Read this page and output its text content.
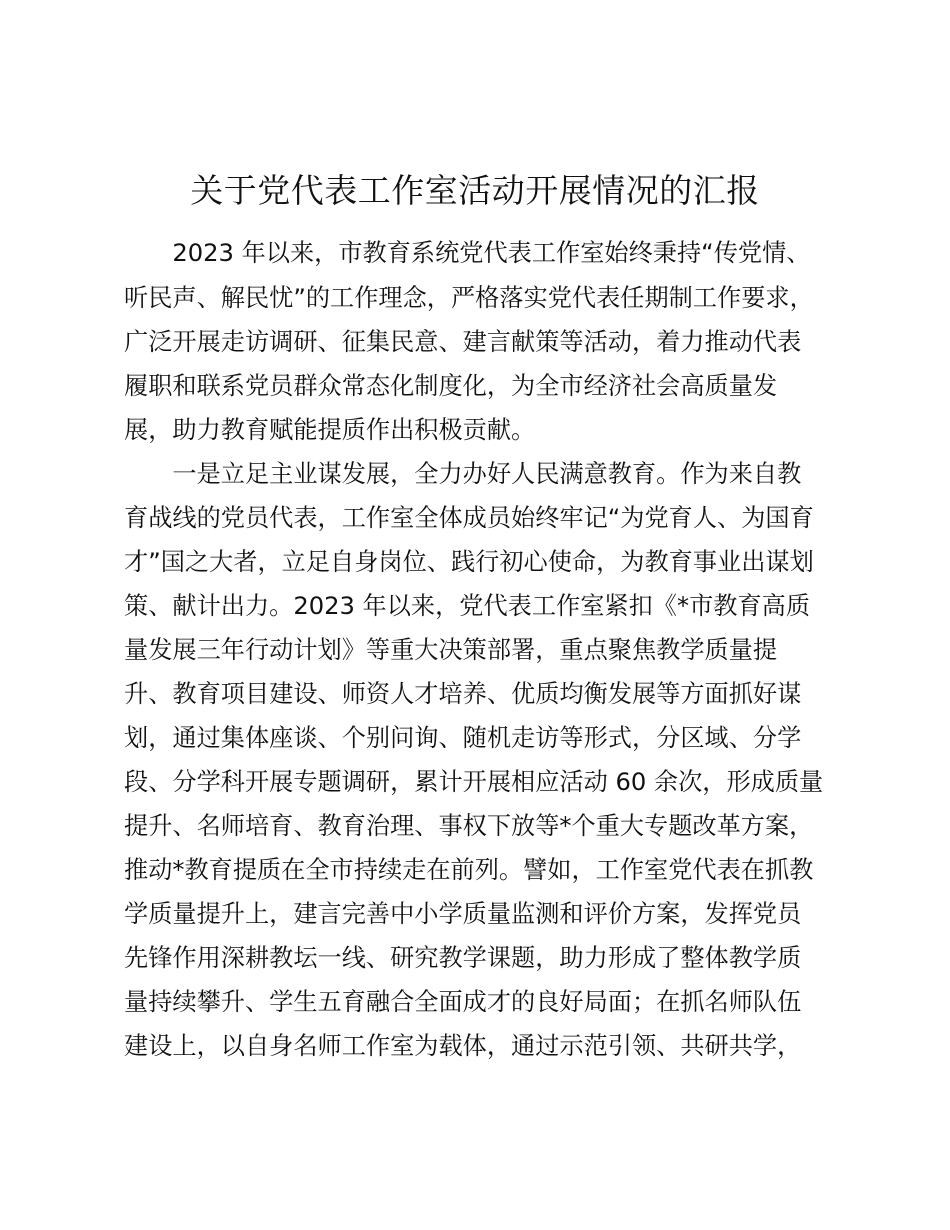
关于党代表工作室活动开展情况的汇报

　　2023 年以来，市教育系统党代表工作室始终秉持“传党情、

听民声、解民忧”的工作理念，严格落实党代表任期制工作要求，

广泛开展走访调研、征集民意、建言献策等活动，着力推动代表

履职和联系党员群众常态化制度化，为全市经济社会高质量发

展，助力教育赋能提质作出积极贡献。

　　一是立足主业谋发展，全力办好人民满意教育。作为来自教

育战线的党员代表，工作室全体成员始终牢记“为党育人、为国育

才”国之大者，立足自身岗位、践行初心使命，为教育事业出谋划

策、献计出力。2023 年以来，党代表工作室紧扣《*市教育高质

量发展三年行动计划》等重大决策部署，重点聚焦教学质量提

升、教育项目建设、师资人才培养、优质均衡发展等方面抓好谋

划，通过集体座谈、个别问询、随机走访等形式，分区域、分学

段、分学科开展专题调研，累计开展相应活动 60 余次，形成质量

提升、名师培育、教育治理、事权下放等*个重大专题改革方案，

推动*教育提质在全市持续走在前列。譬如，工作室党代表在抓教

学质量提升上，建言完善中小学质量监测和评价方案，发挥党员

先锋作用深耕教坛一线、研究教学课题，助力形成了整体教学质

量持续攀升、学生五育融合全面成才的良好局面；在抓名师队伍

建设上，以自身名师工作室为载体，通过示范引领、共研共学，
